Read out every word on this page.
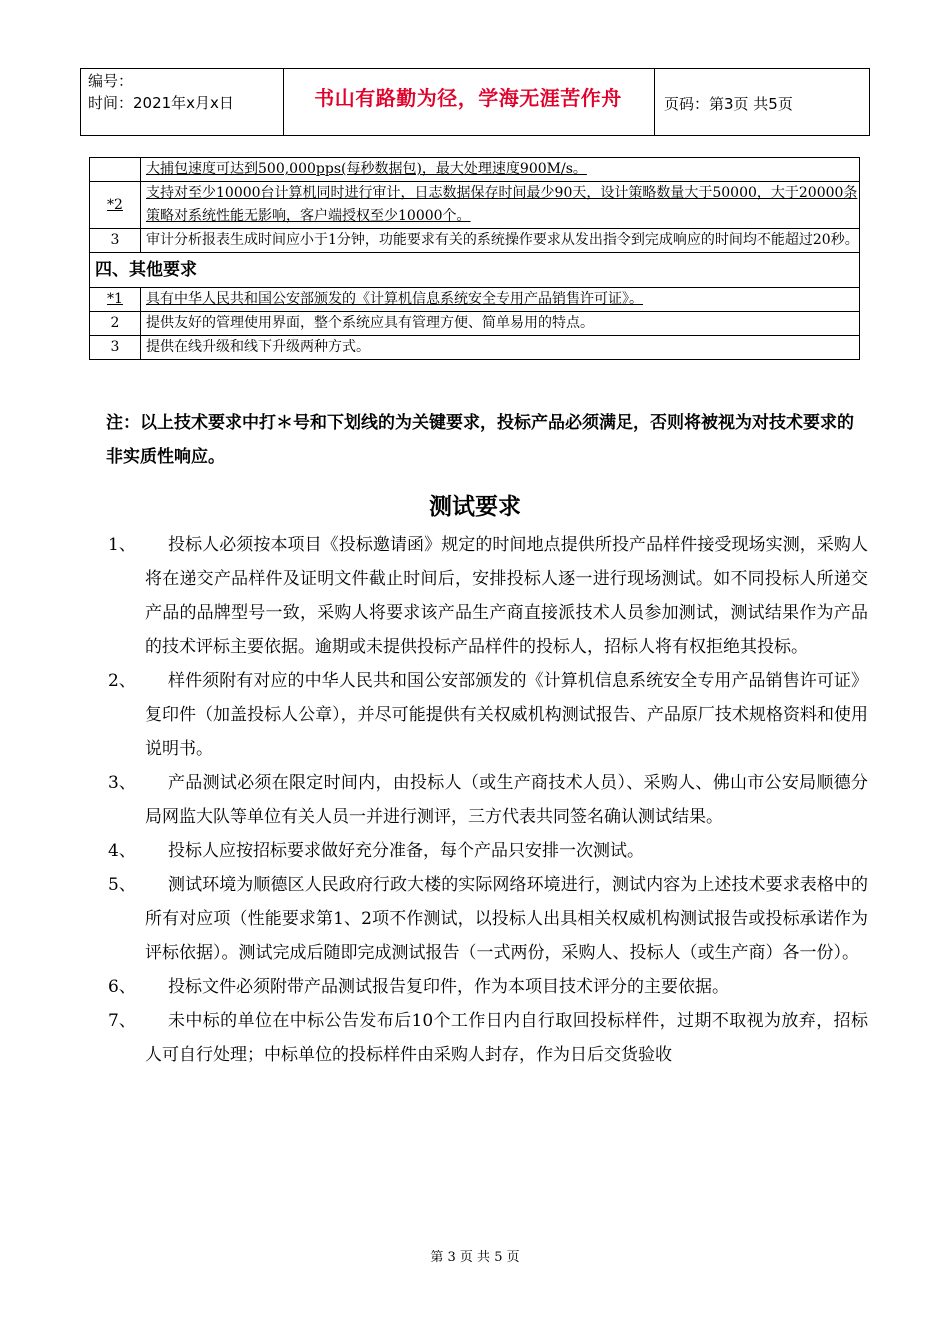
编号：
时间：2021年x月x日	书山有路勤为径，学海无涯苦作舟	页码：第3页 共5页
	大捕包速度可达到500,000pps(每秒数据包)，最大处理速度900M/s。
*2	支持对至少10000台计算机同时进行审计，日志数据保存时间最少90天，设计策略数量大于50000，大于20000条策略对系统性能无影响，客户端授权至少10000个。
3	审计分析报表生成时间应小于1分钟，功能要求有关的系统操作要求从发出指令到完成响应的时间均不能超过20秒。
四、其他要求	
*1	具有中华人民共和国公安部颁发的《计算机信息系统安全专用产品销售许可证》。
2	提供友好的管理使用界面，整个系统应具有管理方便、简单易用的特点。
3	提供在线升级和线下升级两种方式。
注：以上技术要求中打＊号和下划线的为关键要求，投标产品必须满足，否则将被视为对技术要求的非实质性响应。
测试要求
1、	投标人必须按本项目《投标邀请函》规定的时间地点提供所投产品样件接受现场实测，采购人将在递交产品样件及证明文件截止时间后，安排投标人逐一进行现场测试。如不同投标人所递交产品的品牌型号一致，采购人将要求该产品生产商直接派技术人员参加测试，测试结果作为产品的技术评标主要依据。逾期或未提供投标产品样件的投标人，招标人将有权拒绝其投标。
2、	样件须附有对应的中华人民共和国公安部颁发的《计算机信息系统安全专用产品销售许可证》复印件（加盖投标人公章），并尽可能提供有关权威机构测试报告、产品原厂技术规格资料和使用说明书。
3、	产品测试必须在限定时间内，由投标人（或生产商技术人员）、采购人、佛山市公安局顺德分局网监大队等单位有关人员一并进行测评，三方代表共同签名确认测试结果。
4、	投标人应按招标要求做好充分准备，每个产品只安排一次测试。
5、	测试环境为顺德区人民政府行政大楼的实际网络环境进行，测试内容为上述技术要求表格中的所有对应项（性能要求第1、2项不作测试，以投标人出具相关权威机构测试报告或投标承诺作为评标依据）。测试完成后随即完成测试报告（一式两份，采购人、投标人（或生产商）各一份）。
6、	投标文件必须附带产品测试报告复印件，作为本项目技术评分的主要依据。
7、	未中标的单位在中标公告发布后10个工作日内自行取回投标样件，过期不取视为放弃，招标人可自行处理；中标单位的投标样件由采购人封存，作为日后交货验收
第 3 页 共 5 页
